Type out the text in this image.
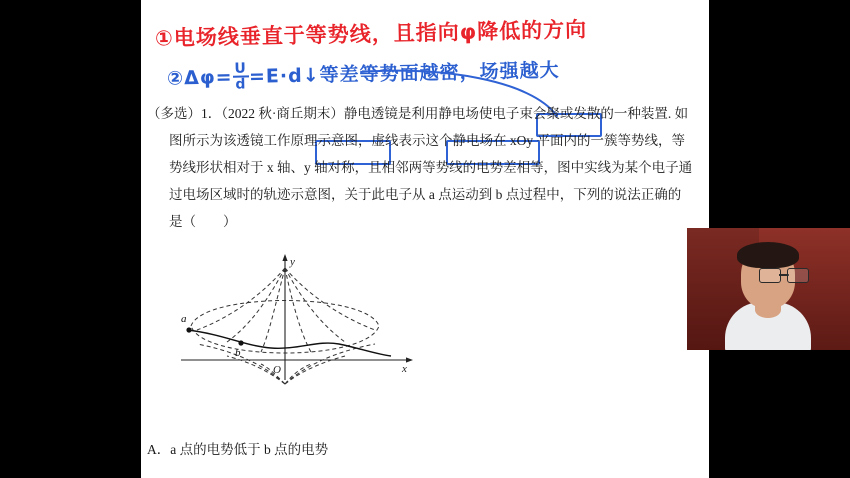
①电场线垂直于等势线，且指向φ降低的方向
②Δφ= $\frac{U}{d}$ =E·d↓等差等势面越密，场强越大
（多选）1．（2022 秋·商丘期末）静电透镜是利用静电场使电子束会聚或发散的一种装置. 如
图所示为该透镜工作原理示意图，虚线表示这个静电场在 xOy 平面内的一簇等势线，等
势线形状相对于 x 轴、y 轴对称，且相邻两等势线的电势差相等，图中实线为某个电子通
过电场区域时的轨迹示意图，关于此电子从 a 点运动到 b 点过程中，下列的说法正确的
是（　　）
y
x
O
a
b
A．a 点的电势低于 b 点的电势
